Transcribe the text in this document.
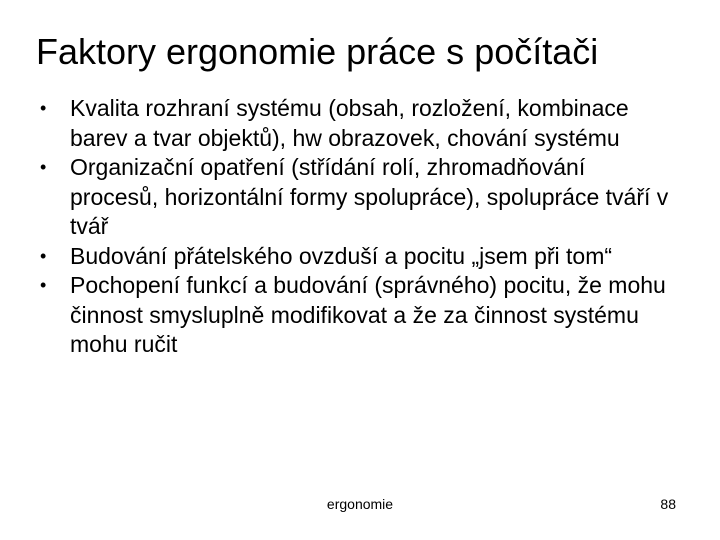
Faktory ergonomie práce s počítači
• Kvalita rozhraní systému (obsah, rozložení, kombinace barev a tvar objektů), hw obrazovek, chování systému
• Organizační opatření (střídání rolí, zhromadňování procesů, horizontální formy spolupráce), spolupráce tváří v tvář
• Budování přátelského ovzduší a pocitu „jsem při tom“
• Pochopení funkcí a budování (správného) pocitu, že mohu činnost smysluplně modifikovat a že za činnost systému mohu ručit
ergonomie	88
